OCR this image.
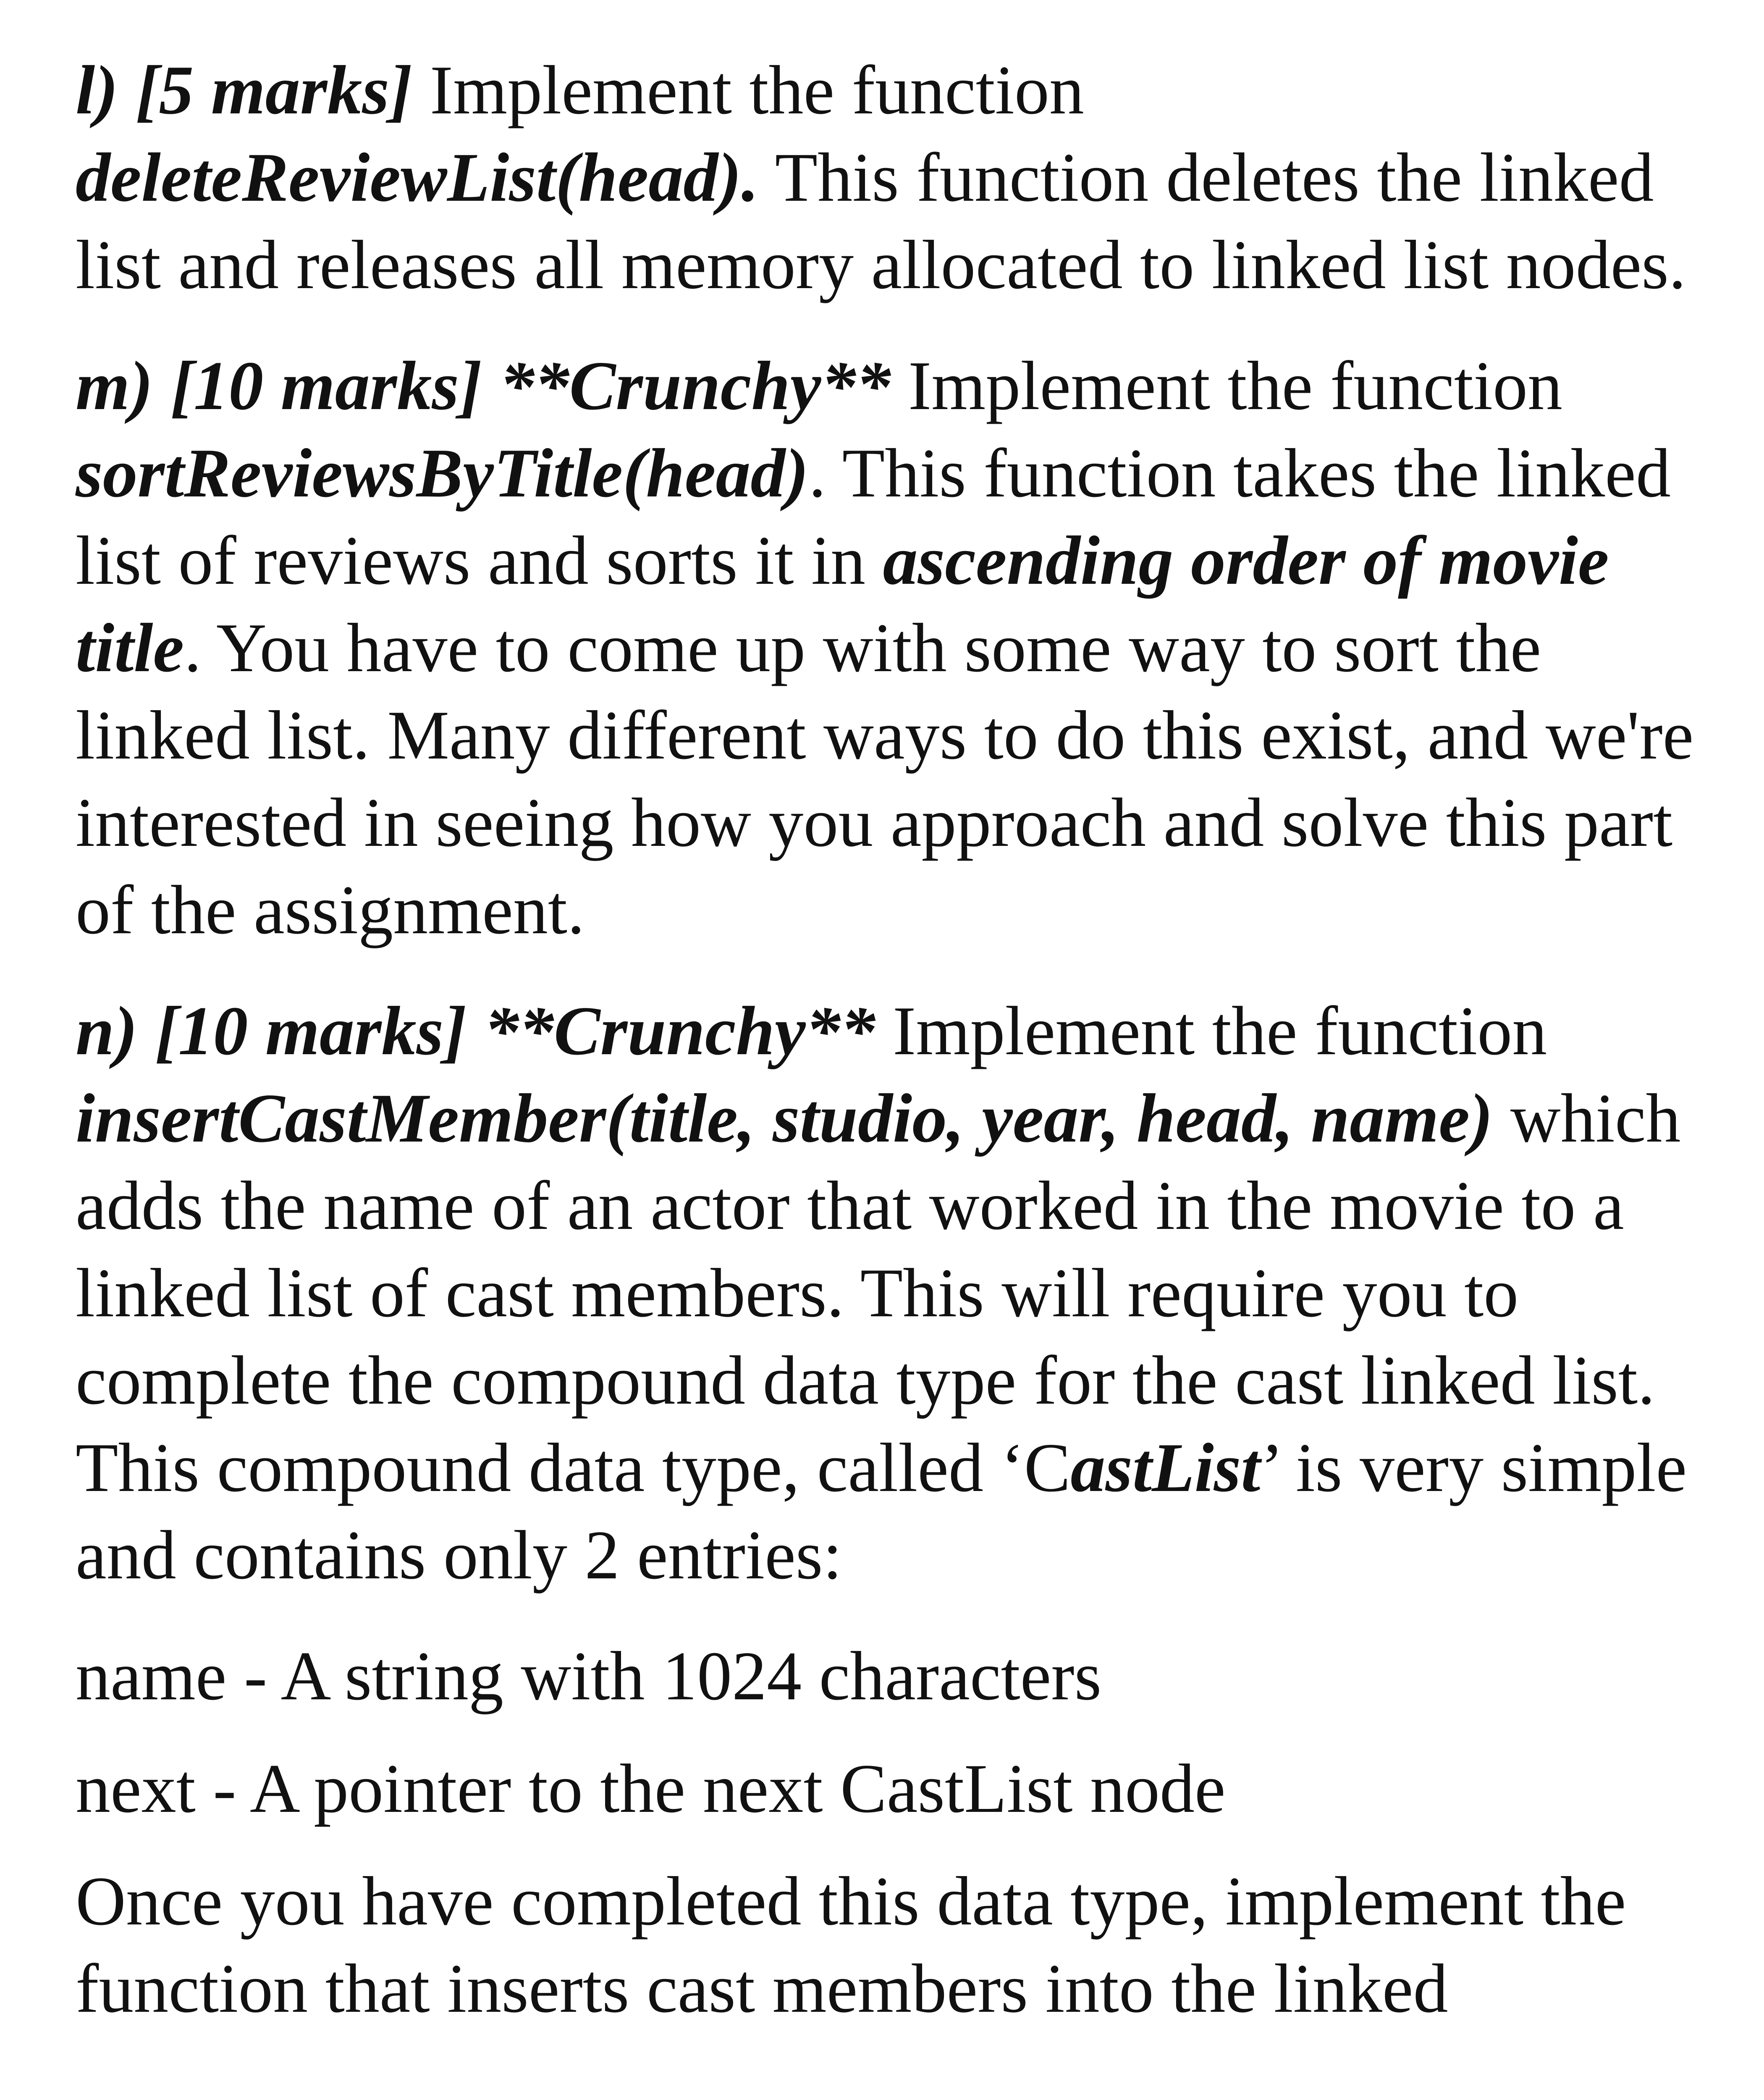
l) [5 marks] Implement the function deleteReviewList(head). This function deletes the linked list and releases all memory allocated to linked list nodes.

m) [10 marks] **Crunchy** Implement the function sortReviewsByTitle(head). This function takes the linked list of reviews and sorts it in ascending order of movie title. You have to come up with some way to sort the linked list. Many different ways to do this exist, and we're interested in seeing how you approach and solve this part of the assignment.

n) [10 marks] **Crunchy** Implement the function insertCastMember(title, studio, year, head, name) which adds the name of an actor that worked in the movie to a linked list of cast members. This will require you to complete the compound data type for the cast linked list. This compound data type, called ‘CastList’ is very simple and contains only 2 entries:

name - A string with 1024 characters

next - A pointer to the next CastList node

Once you have completed this data type, implement the function that inserts cast members into the linked
